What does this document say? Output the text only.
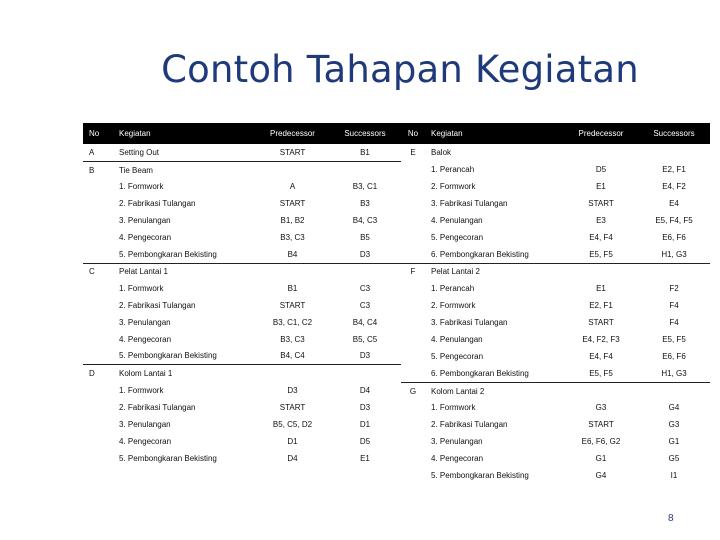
Contoh Tahapan Kegiatan
No	Kegiatan	Predecessor	Successors	No	Kegiatan	Predecessor	Successors
A	Setting Out	START	B1	E	Balok		
B	Tie Beam				1. Perancah	D5	E2, F1
	1. Formwork	A	B3, C1		2. Formwork	E1	E4, F2
	2. Fabrikasi Tulangan	START	B3		3. Fabrikasi Tulangan	START	E4
	3. Penulangan	B1, B2	B4, C3		4. Penulangan	E3	E5, F4, F5
	4. Pengecoran	B3, C3	B5		5. Pengecoran	E4, F4	E6, F6
	5. Pembongkaran Bekisting	B4	D3		6. Pembongkaran Bekisting	E5, F5	H1, G3
C	Pelat Lantai 1			F	Pelat Lantai 2		
	1. Formwork	B1	C3		1. Perancah	E1	F2
	2. Fabrikasi Tulangan	START	C3		2. Formwork	E2, F1	F4
	3. Penulangan	B3, C1, C2	B4, C4		3. Fabrikasi Tulangan	START	F4
	4. Pengecoran	B3, C3	B5, C5		4. Penulangan	E4, F2, F3	E5, F5
	5. Pembongkaran Bekisting	B4, C4	D3		5. Pengecoran	E4, F4	E6, F6
D	Kolom Lantai 1				6. Pembongkaran Bekisting	E5, F5	H1, G3
	1. Formwork	D3	D4	G	Kolom Lantai 2		
	2. Fabrikasi Tulangan	START	D3		1. Formwork	G3	G4
	3. Penulangan	B5, C5, D2	D1		2. Fabrikasi Tulangan	START	G3
	4. Pengecoran	D1	D5		3. Penulangan	E6, F6, G2	G1
	5. Pembongkaran Bekisting	D4	E1		4. Pengecoran	G1	G5
					5. Pembongkaran Bekisting	G4	I1
8
